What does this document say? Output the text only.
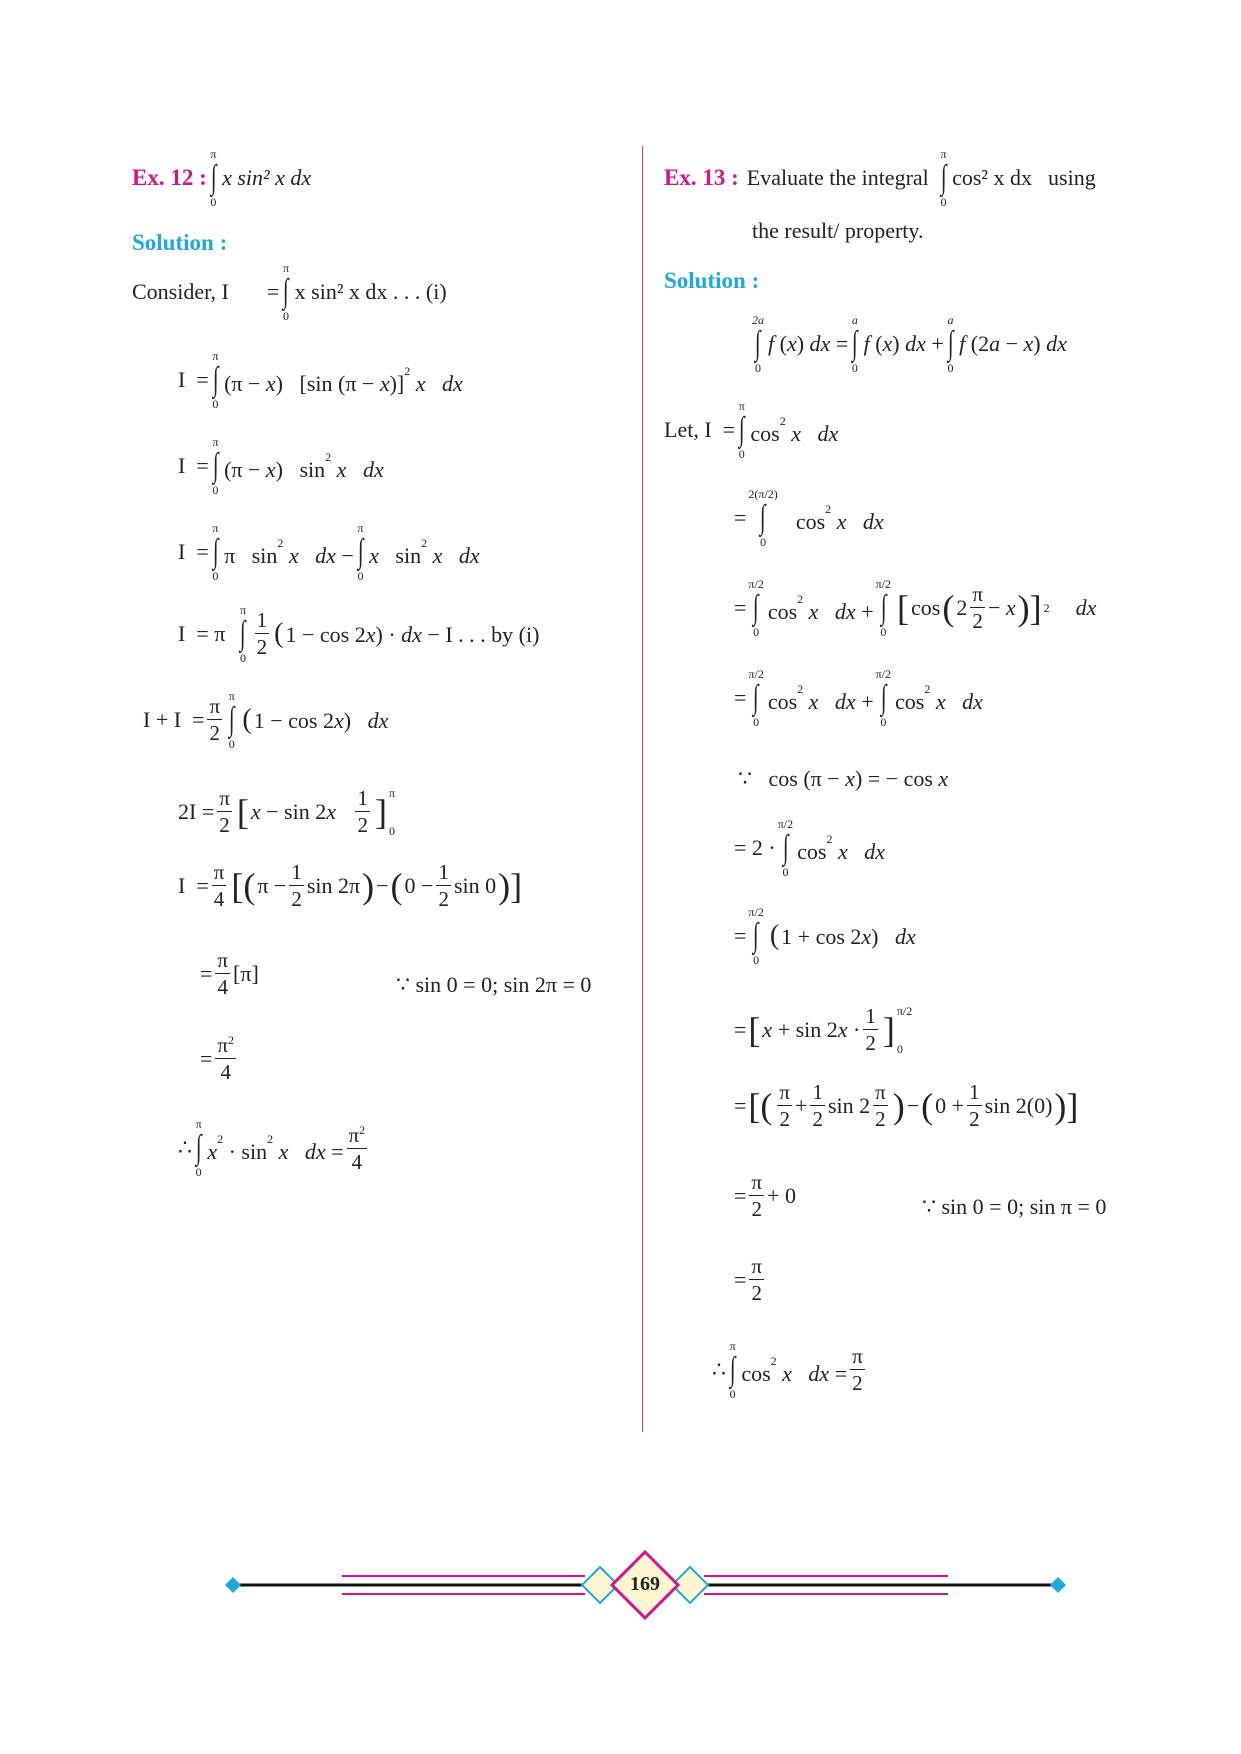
Ex. 12 :
π
∫
0
x sin² x dx
Solution :
Consider, I =
π
∫
0
x sin² x dx . . . (i)
I  =
π
∫
0
(π − x)   [sin (π − x)]$^2$ x dx
I  =
π
∫
0
(π − x)   $\sin^2 x$ dx
I  =
π
∫
0
π   $\sin^2 x$ dx −
π
∫
0
x   $\sin^2 x$ dx
I  = π
π
∫
$0 \frac{1}{2} (1 - \cos 2x)$ · dx − I . . . by (i)
$I + I = \frac{\pi}{2}$ π
∫
0
(1 − cos 2x)   dx
$2I = \frac{\pi}{2}$ [ $x - \sin 2x \frac{1}{2}$ ] π
0
$I = \frac{\pi}{4}$ [( $\pi - \frac{1}{2}$ sin 2π ) − ( $0 - \frac{1}{2}$ sin 0 )]
= $\frac{\pi}{4} [\pi]$	∵ sin 0 = 0; sin 2π = 0
= $\frac{\pi^2}{4}$
∴
π
∫
0
$x^2 \cdot \sin^2 x$ dx = $\frac{\pi^2}{4}$
Ex. 13 : Evaluate the integral
π
∫
0
cos² x dx using
the result/ property.
Solution :
2a
∫
0
f (x) dx =
a
∫
0
f (x) dx +
a
∫
0
f (2a − x) dx
Let, I  =
π
∫
0
$\cos^2 x$ dx
=
2(π/2)
∫
0
$\cos^2 x$ dx
=
π/2
∫
0
$\cos^2 x$ dx +
π/2
∫
0
[ cos ( $2 \frac{\pi}{2} - x$ )] 2 dx
=
π/2
∫
0
$\cos^2 x$ dx +
π/2
∫
0
$\cos^2 x$ dx
∵   cos (π − x) = − cos x
= 2 ·
π/2
∫
0
$\cos^2 x$ dx
=
π/2
∫
0
(1 + cos 2x)   dx
= [ $x + \sin 2x \cdot \frac{1}{2}$ ] π/2
0
= [( $\frac{\pi}{2} + \frac{1}{2}$ $\sin 2 \frac{\pi}{2}$ ) − ( $0 + \frac{1}{2}$ sin 2(0) )]
= $\frac{\pi}{2} + 0$	∵ sin 0 = 0; sin π = 0
= $\frac{\pi}{2}$
∴
π
∫
0
$\cos^2 x$ dx = $\frac{\pi}{2}$
169
